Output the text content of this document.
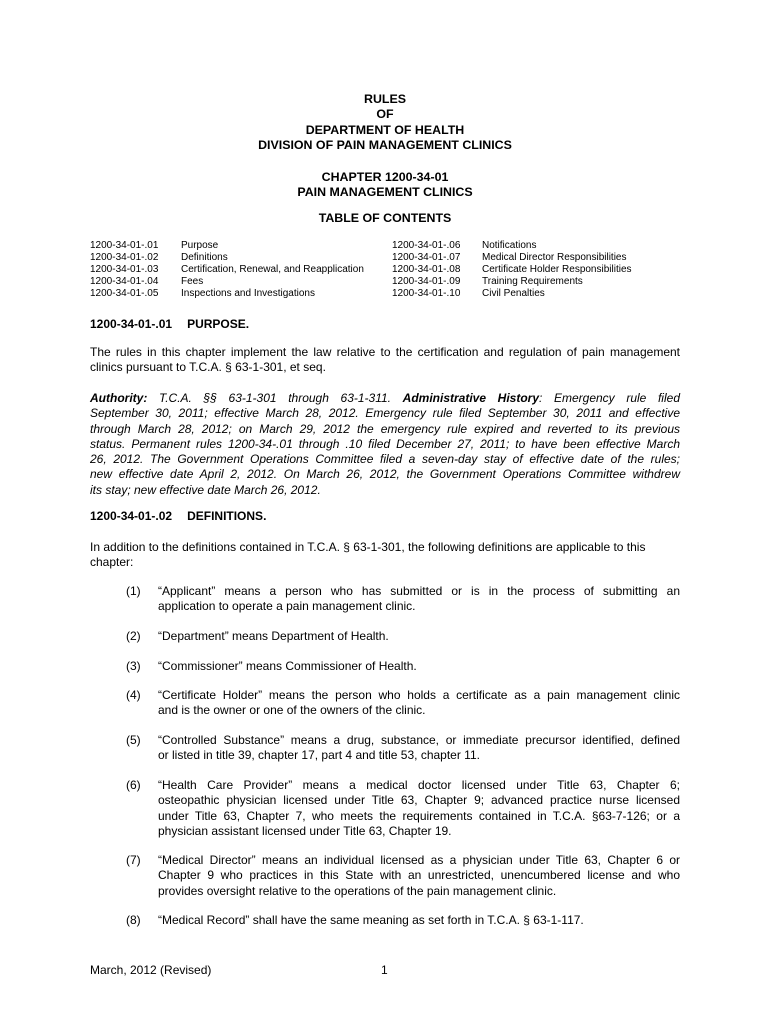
RULES
OF
DEPARTMENT OF HEALTH
DIVISION OF PAIN MANAGEMENT CLINICS
CHAPTER 1200-34-01
PAIN MANAGEMENT CLINICS
TABLE OF CONTENTS
1200-34-01-.01
1200-34-01-.02
1200-34-01-.03
1200-34-01-.04
1200-34-01-.05
Purpose
Definitions
Certification, Renewal, and Reapplication
Fees
Inspections and Investigations
1200-34-01-.06
1200-34-01-.07
1200-34-01-.08
1200-34-01-.09
1200-34-01-.10
Notifications
Medical Director Responsibilities
Certificate Holder Responsibilities
Training Requirements
Civil Penalties
1200-34-01-.01 PURPOSE.
The rules in this chapter implement the law relative to the certification and regulation of pain management
clinics pursuant to T.C.A. § 63-1-301, et seq.
Authority: T.C.A. §§ 63-1-301 through 63-1-311. Administrative History: Emergency rule filed
September 30, 2011; effective March 28, 2012. Emergency rule filed September 30, 2011 and effective
through March 28, 2012; on March 29, 2012 the emergency rule expired and reverted to its previous
status. Permanent rules 1200-34-.01 through .10 filed December 27, 2011; to have been effective March
26, 2012. The Government Operations Committee filed a seven-day stay of effective date of the rules;
new effective date April 2, 2012. On March 26, 2012, the Government Operations Committee withdrew
its stay; new effective date March 26, 2012.
1200-34-01-.02 DEFINITIONS.
In addition to the definitions contained in T.C.A. § 63-1-301, the following definitions are applicable to this
chapter:
(1) “Applicant” means a person who has submitted or is in the process of submitting an
application to operate a pain management clinic.
(2) “Department” means Department of Health.
(3) “Commissioner” means Commissioner of Health.
(4) “Certificate Holder” means the person who holds a certificate as a pain management clinic
and is the owner or one of the owners of the clinic.
(5) “Controlled Substance” means a drug, substance, or immediate precursor identified, defined
or listed in title 39, chapter 17, part 4 and title 53, chapter 11.
(6) “Health Care Provider” means a medical doctor licensed under Title 63, Chapter 6;
osteopathic physician licensed under Title 63, Chapter 9; advanced practice nurse licensed
under Title 63, Chapter 7, who meets the requirements contained in T.C.A. §63-7-126; or a
physician assistant licensed under Title 63, Chapter 19.
(7) “Medical Director” means an individual licensed as a physician under Title 63, Chapter 6 or
Chapter 9 who practices in this State with an unrestricted, unencumbered license and who
provides oversight relative to the operations of the pain management clinic.
(8) “Medical Record” shall have the same meaning as set forth in T.C.A. § 63-1-117.
March, 2012 (Revised)	1
